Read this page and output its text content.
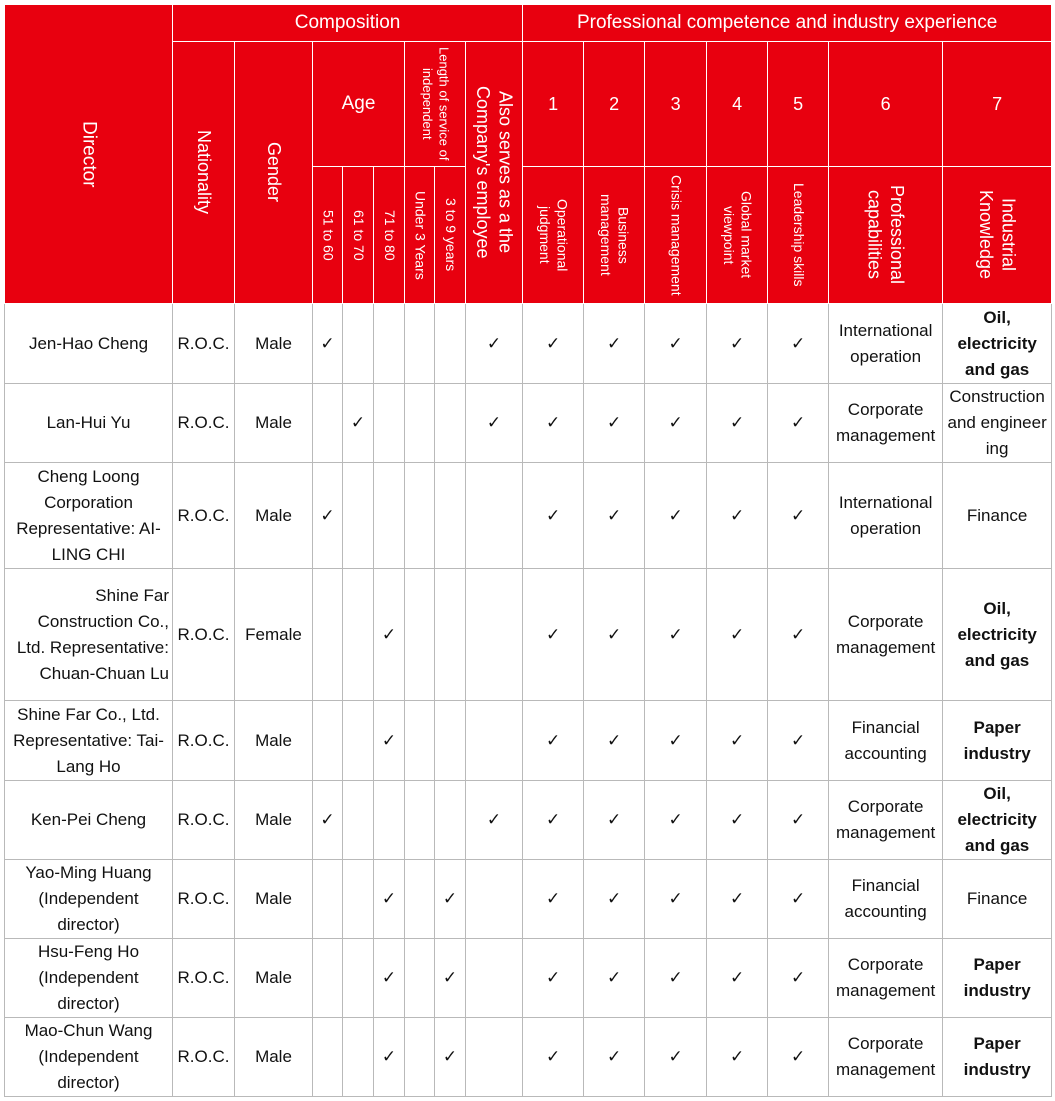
Director	Composition								Professional competence and industry experience						

	Nationality	Gender	Age			Length of service of independent		Also serves as a the Company's employee	1	2	3	4	5	6	7

			51 to 60	61 to 70	71 to 80	Under 3 Years	3 to 9 years		Operational judgment	Business management	Crisis management	Global market viewpoint	Leadership skills	Professional capabilities	Industrial Knowledge

Jen-Hao Cheng	R.O.C.	Male	✓					✓	✓	✓	✓	✓	✓	International operation	Oil, electricity and gas
Lan-Hui Yu	R.O.C.	Male		✓				✓	✓	✓	✓	✓	✓	Corporate management	Construction and engineering
Cheng Loong Corporation Representative: AI-LING CHI	R.O.C.	Male	✓						✓	✓	✓	✓	✓	International operation	Finance
Shine Far Construction Co., Ltd. Representative: Chuan-Chuan Lu	R.O.C.	Female			✓				✓	✓	✓	✓	✓	Corporate management	Oil, electricity and gas
Shine Far Co., Ltd. Representative: Tai-Lang Ho	R.O.C.	Male			✓				✓	✓	✓	✓	✓	Financial accounting	Paper industry
Ken-Pei Cheng	R.O.C.	Male	✓					✓	✓	✓	✓	✓	✓	Corporate management	Oil, electricity and gas
Yao-Ming Huang (Independent director)	R.O.C.	Male			✓		✓		✓	✓	✓	✓	✓	Financial accounting	Finance
Hsu-Feng Ho (Independent director)	R.O.C.	Male			✓		✓		✓	✓	✓	✓	✓	Corporate management	Paper industry
Mao-Chun Wang (Independent director)	R.O.C.	Male			✓		✓		✓	✓	✓	✓	✓	Corporate management	Paper industry
